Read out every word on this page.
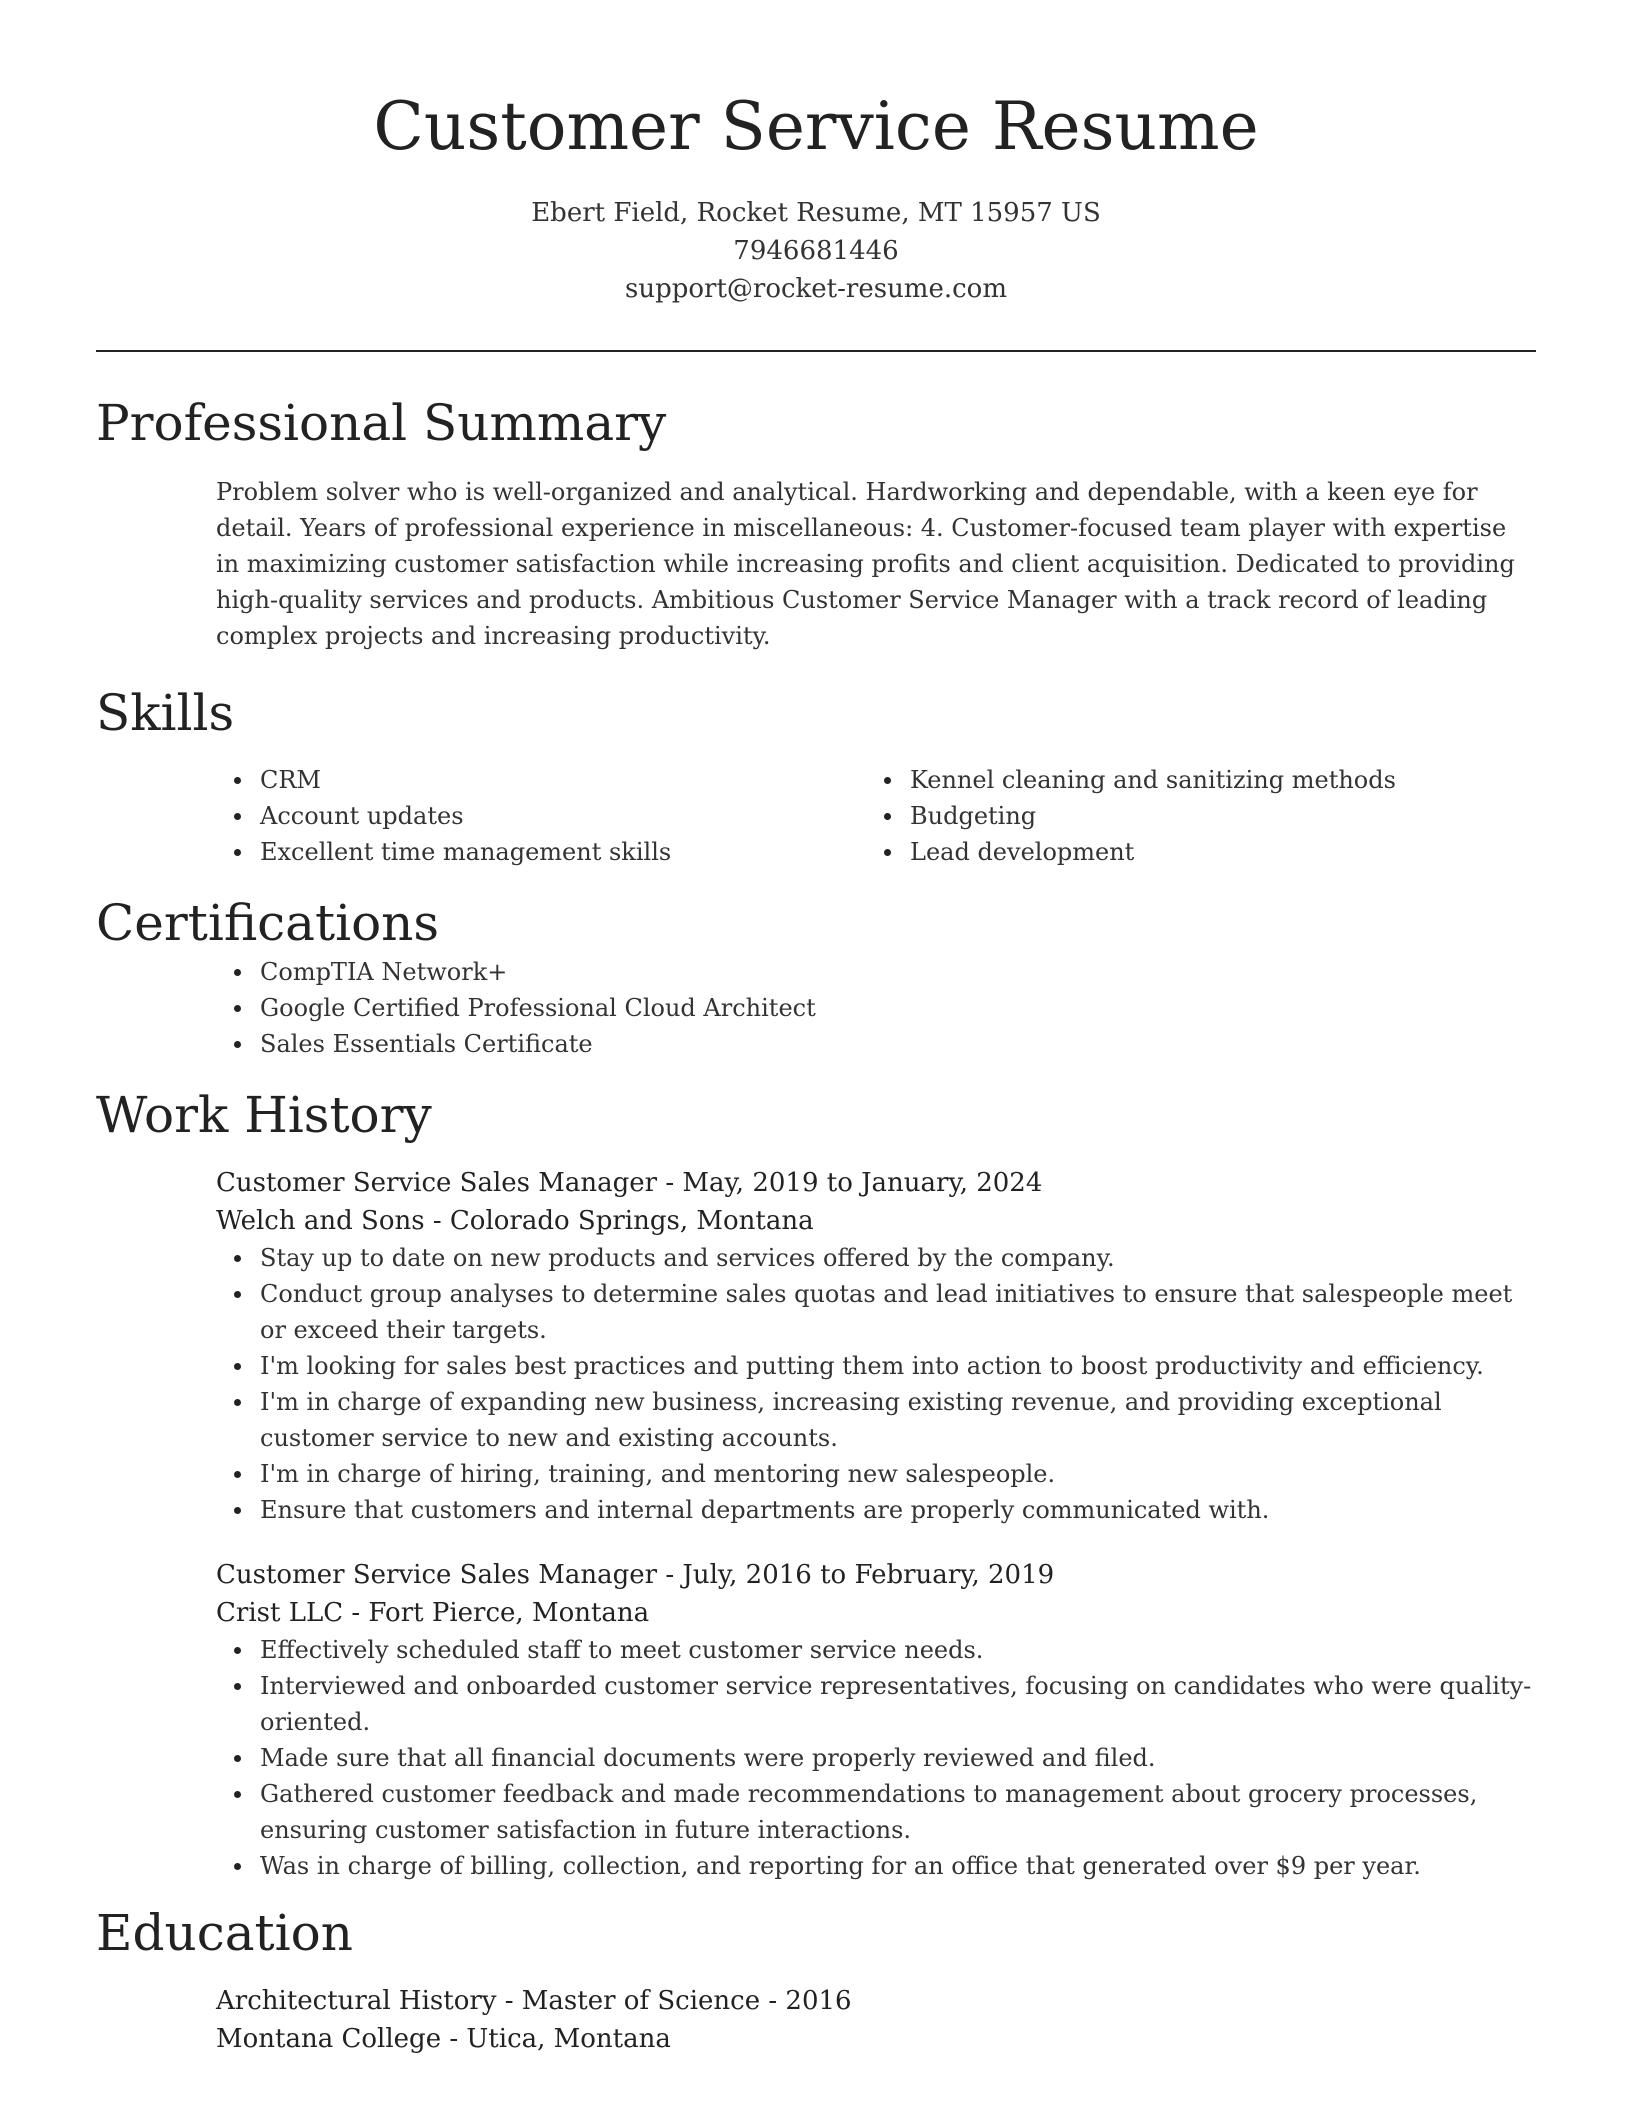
Customer Service Resume
Ebert Field, Rocket Resume, MT 15957 US
7946681446
support@rocket-resume.com
Professional Summary

Problem solver who is well-organized and analytical. Hardworking and dependable, with a keen eye for detail. Years of professional experience in miscellaneous: 4. Customer-focused team player with expertise in maximizing customer satisfaction while increasing profits and client acquisition. Dedicated to providing high-quality services and products. Ambitious Customer Service Manager with a track record of leading complex projects and increasing productivity.

Skills
CRM
Account updates
Excellent time management skills
Kennel cleaning and sanitizing methods
Budgeting
Lead development
Certifications
CompTIA Network+
Google Certified Professional Cloud Architect
Sales Essentials Certificate
Work History
Customer Service Sales Manager - May, 2019 to January, 2024
Welch and Sons - Colorado Springs, Montana
Stay up to date on new products and services offered by the company.
Conduct group analyses to determine sales quotas and lead initiatives to ensure that salespeople meet or exceed their targets.
I'm looking for sales best practices and putting them into action to boost productivity and efficiency.
I'm in charge of expanding new business, increasing existing revenue, and providing exceptional customer service to new and existing accounts.
I'm in charge of hiring, training, and mentoring new salespeople.
Ensure that customers and internal departments are properly communicated with.
Customer Service Sales Manager - July, 2016 to February, 2019
Crist LLC - Fort Pierce, Montana
Effectively scheduled staff to meet customer service needs.
Interviewed and onboarded customer service representatives, focusing on candidates who were quality-oriented.
Made sure that all financial documents were properly reviewed and filed.
Gathered customer feedback and made recommendations to management about grocery processes, ensuring customer satisfaction in future interactions.
Was in charge of billing, collection, and reporting for an office that generated over $9 per year.
Education
Architectural History - Master of Science - 2016
Montana College - Utica, Montana
